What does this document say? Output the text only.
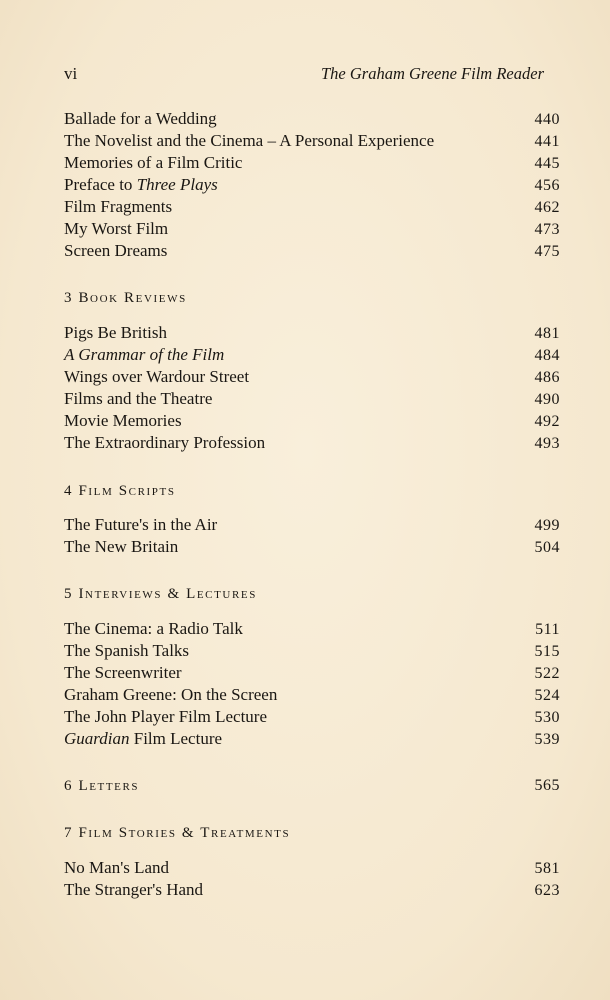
vi	The Graham Greene Film Reader
Ballade for a Wedding	440
The Novelist and the Cinema – A Personal Experience	441
Memories of a Film Critic	445
Preface to Three Plays	456
Film Fragments	462
My Worst Film	473
Screen Dreams	475
3 Book Reviews
Pigs Be British	481
A Grammar of the Film	484
Wings over Wardour Street	486
Films and the Theatre	490
Movie Memories	492
The Extraordinary Profession	493
4 Film Scripts
The Future's in the Air	499
The New Britain	504
5 Interviews & Lectures
The Cinema: a Radio Talk	511
The Spanish Talks	515
The Screenwriter	522
Graham Greene: On the Screen	524
The John Player Film Lecture	530
Guardian Film Lecture	539
6 Letters	565
7 Film Stories & Treatments
No Man's Land	581
The Stranger's Hand	623
